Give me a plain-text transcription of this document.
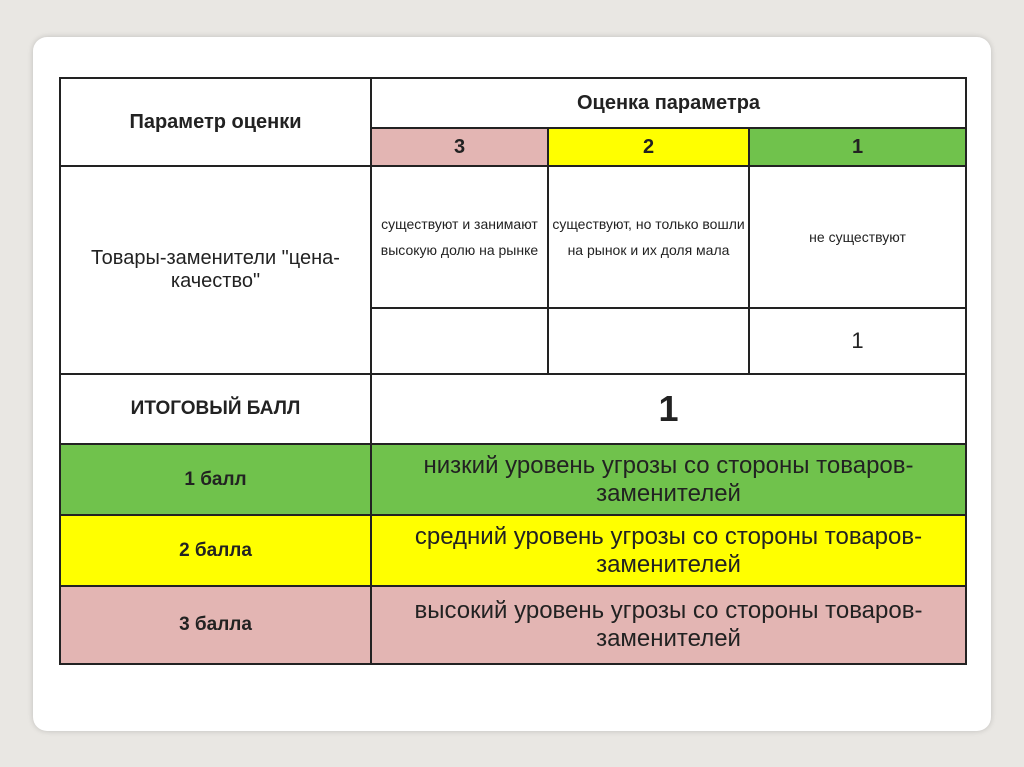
Параметр оценки	Оценка параметра		
	3	2	1
Товары-заменители "цена-качество"	существуют и занимают высокую долю на рынке	существуют, но только вошли на рынок и их доля мала	не существуют
			1
ИТОГОВЫЙ БАЛЛ	1		
1 балл	низкий уровень угрозы со стороны товаров-заменителей		
2 балла	средний уровень угрозы со стороны товаров-заменителей		
3 балла	высокий уровень угрозы со стороны товаров-заменителей		
